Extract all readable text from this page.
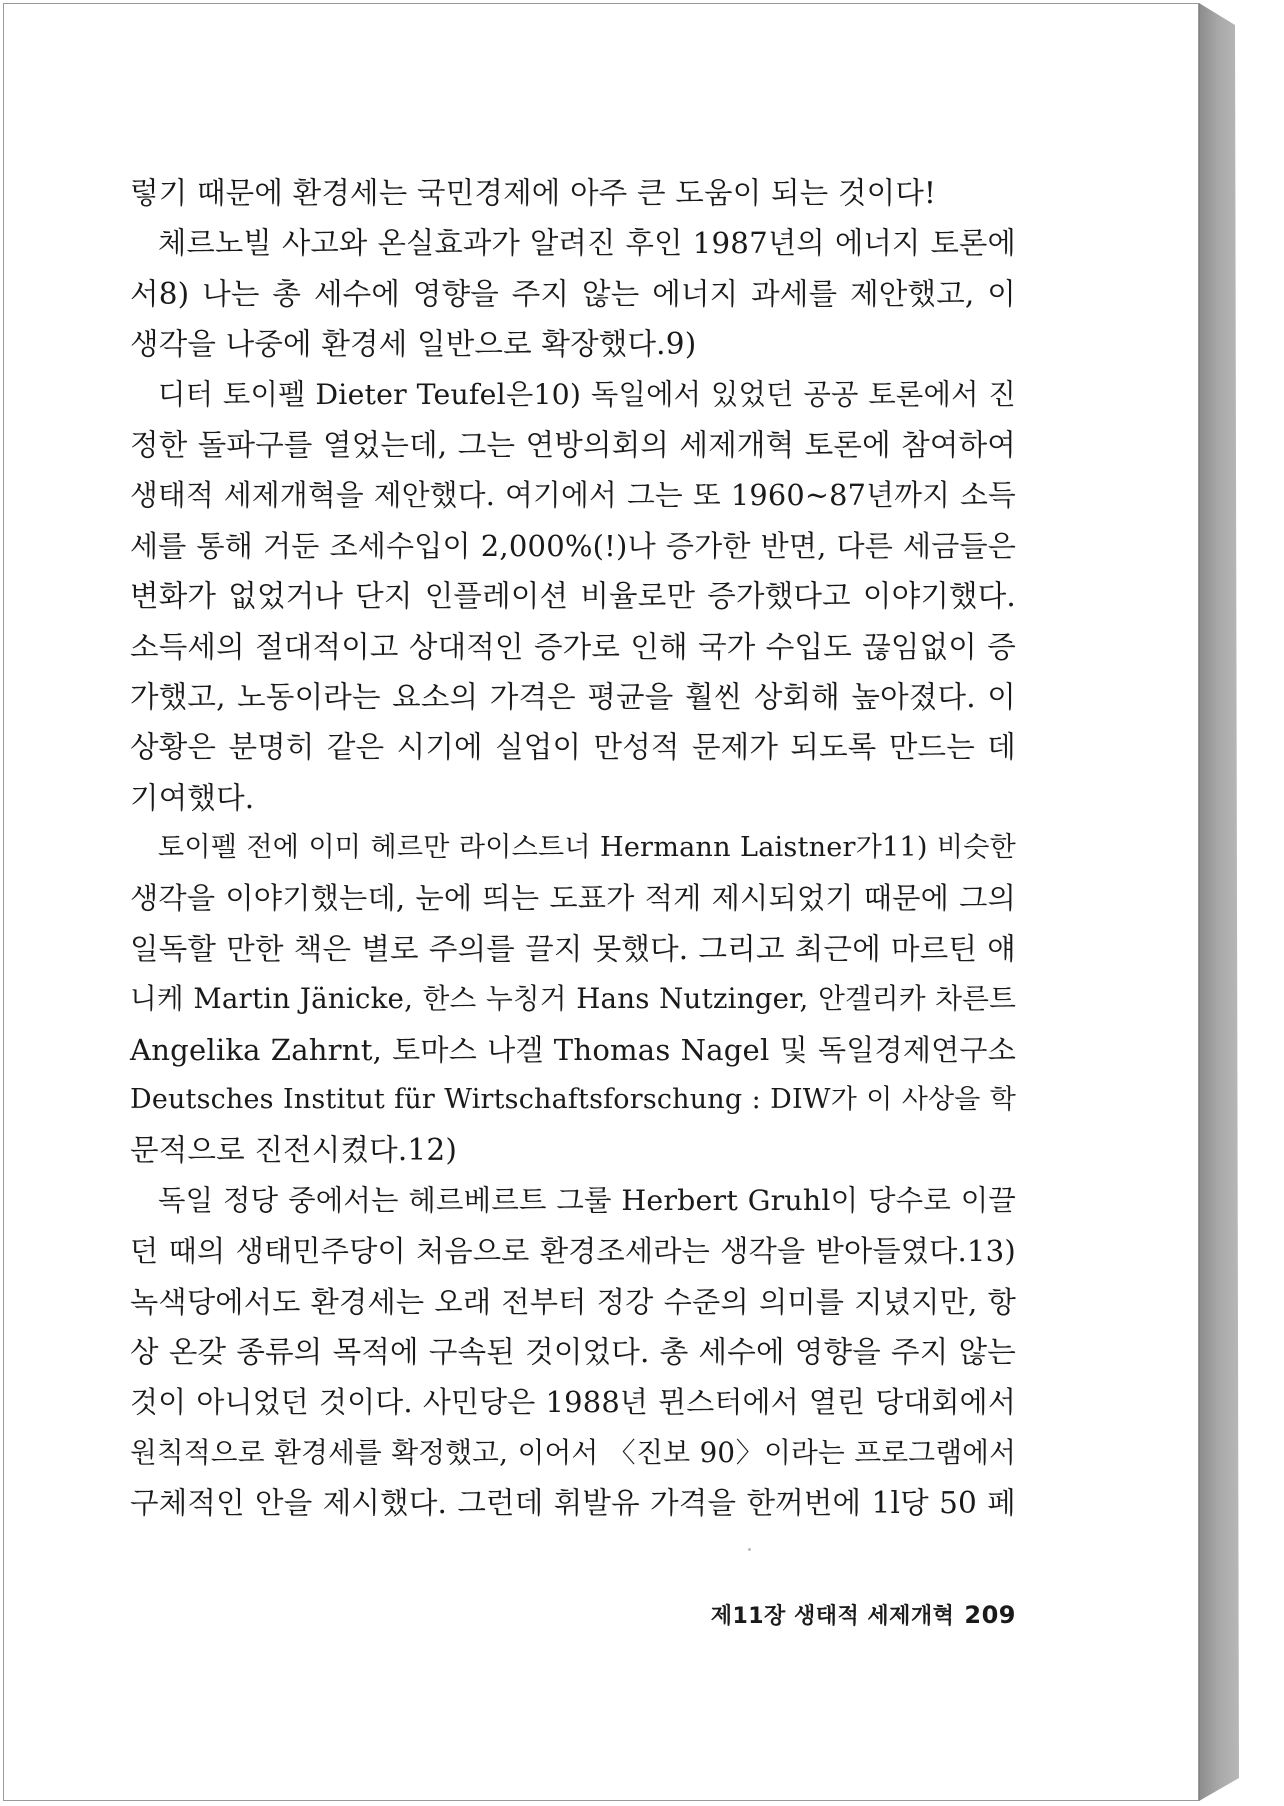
렇기 때문에 환경세는 국민경제에 아주 큰 도움이 되는 것이다!
체르노빌 사고와 온실효과가 알려진 후인 1987년의 에너지 토론에
서8) 나는 총 세수에 영향을 주지 않는 에너지 과세를 제안했고, 이
생각을 나중에 환경세 일반으로 확장했다.9)
디터 토이펠 Dieter Teufel은10) 독일에서 있었던 공공 토론에서 진
정한 돌파구를 열었는데, 그는 연방의회의 세제개혁 토론에 참여하여
생태적 세제개혁을 제안했다. 여기에서 그는 또 1960~87년까지 소득
세를 통해 거둔 조세수입이 2,000%(!)나 증가한 반면, 다른 세금들은
변화가 없었거나 단지 인플레이션 비율로만 증가했다고 이야기했다.
소득세의 절대적이고 상대적인 증가로 인해 국가 수입도 끊임없이 증
가했고, 노동이라는 요소의 가격은 평균을 훨씬 상회해 높아졌다. 이
상황은 분명히 같은 시기에 실업이 만성적 문제가 되도록 만드는 데
기여했다.
토이펠 전에 이미 헤르만 라이스트너 Hermann Laistner가11) 비슷한
생각을 이야기했는데, 눈에 띄는 도표가 적게 제시되었기 때문에 그의
일독할 만한 책은 별로 주의를 끌지 못했다. 그리고 최근에 마르틴 얘
니케 Martin Jänicke, 한스 누칭거 Hans Nutzinger, 안겔리카 차른트
Angelika Zahrnt, 토마스 나겔 Thomas Nagel 및 독일경제연구소
Deutsches Institut für Wirtschaftsforschung : DIW가 이 사상을 학
문적으로 진전시켰다.12)
독일 정당 중에서는 헤르베르트 그룰 Herbert Gruhl이 당수로 이끌
던 때의 생태민주당이 처음으로 환경조세라는 생각을 받아들였다.13)
녹색당에서도 환경세는 오래 전부터 정강 수준의 의미를 지녔지만, 항
상 온갖 종류의 목적에 구속된 것이었다. 총 세수에 영향을 주지 않는
것이 아니었던 것이다. 사민당은 1988년 뮌스터에서 열린 당대회에서
원칙적으로 환경세를 확정했고, 이어서 〈진보 90〉이라는 프로그램에서
구체적인 안을 제시했다. 그런데 휘발유 가격을 한꺼번에 1l당 50 페
제11장 생태적 세제개혁 209
